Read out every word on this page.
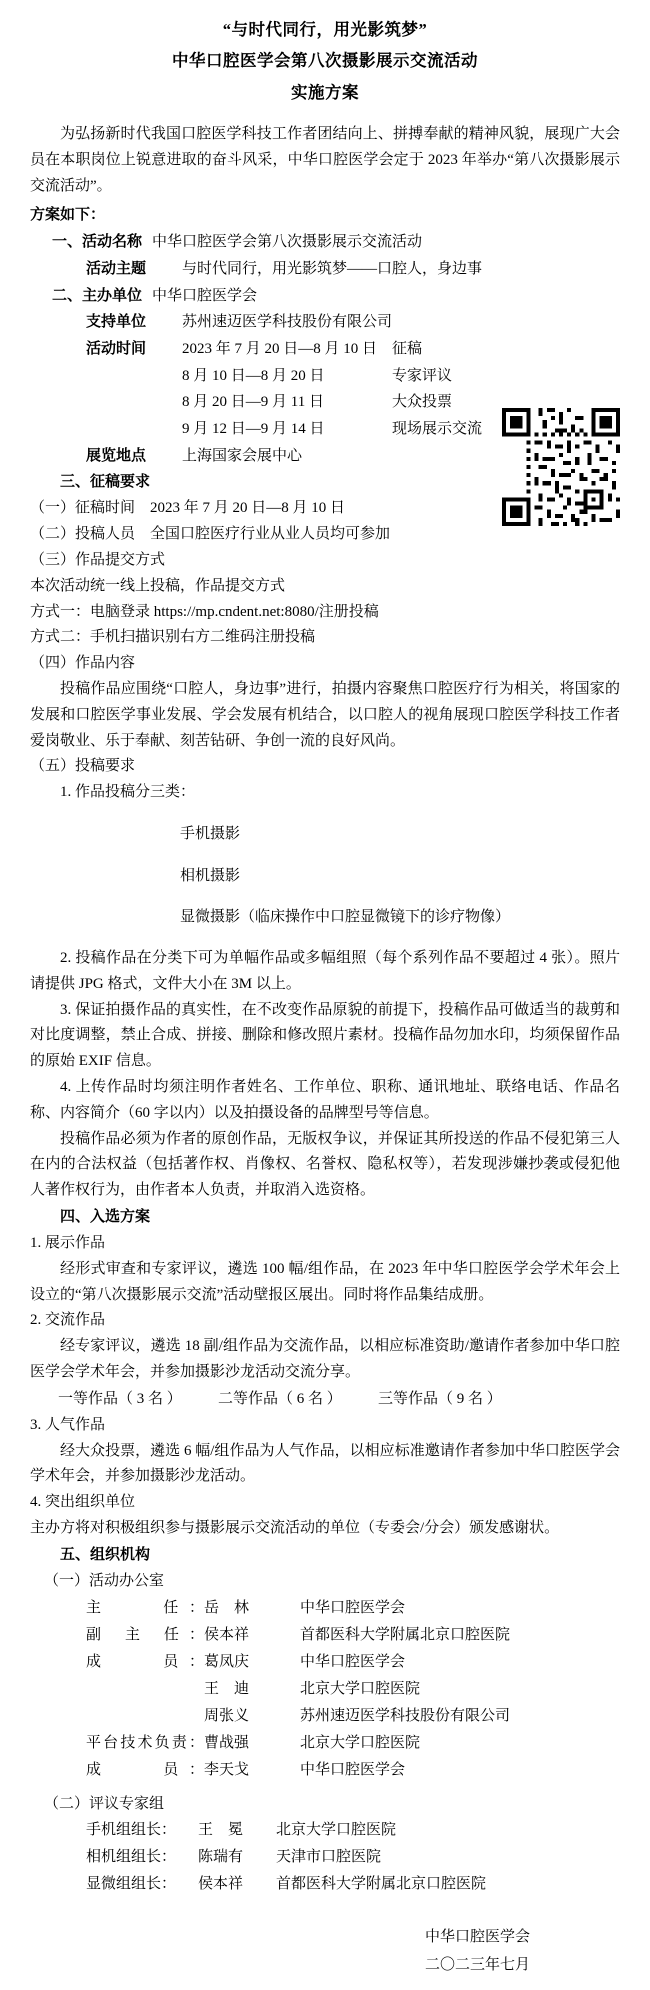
“与时代同行，用光影筑梦”
中华口腔医学会第八次摄影展示交流活动
实施方案

为弘扬新时代我国口腔医学科技工作者团结向上、拼搏奉献的精神风貌，展现广大会员在本职岗位上锐意进取的奋斗风采，中华口腔医学会定于 2023 年举办“第八次摄影展示交流活动”。

方案如下：

一、活动名称 中华口腔医学会第八次摄影展示交流活动
活动主题	与时代同行，用光影筑梦——口腔人，身边事
二、主办单位 中华口腔医学会
支持单位	苏州速迈医学科技股份有限公司
活动时间	2023 年 7 月 20 日—8 月 10 日 征稿
8 月 10 日—8 月 20 日	专家评议
8 月 20 日—9 月 11 日	大众投票
9 月 12 日—9 月 14 日	现场展示交流
展览地点	上海国家会展中心

三、征稿要求

（一）征稿时间　2023 年 7 月 20 日—8 月 10 日

（二）投稿人员　全国口腔医疗行业从业人员均可参加

（三）作品提交方式

本次活动统一线上投稿，作品提交方式

方式一：电脑登录 https://mp.cndent.net:8080/注册投稿

方式二：手机扫描识别右方二维码注册投稿

（四）作品内容

投稿作品应围绕“口腔人，身边事”进行，拍摄内容聚焦口腔医疗行为相关，将国家的发展和口腔医学事业发展、学会发展有机结合，以口腔人的视角展现口腔医学科技工作者爱岗敬业、乐于奉献、刻苦钻研、争创一流的良好风尚。

（五）投稿要求

1. 作品投稿分三类：

手机摄影

相机摄影

显微摄影（临床操作中口腔显微镜下的诊疗物像）

2. 投稿作品在分类下可为单幅作品或多幅组照（每个系列作品不要超过 4 张）。照片请提供 JPG 格式，文件大小在 3M 以上。

3. 保证拍摄作品的真实性，在不改变作品原貌的前提下，投稿作品可做适当的裁剪和对比度调整，禁止合成、拼接、删除和修改照片素材。投稿作品勿加水印，均须保留作品的原始 EXIF 信息。

4. 上传作品时均须注明作者姓名、工作单位、职称、通讯地址、联络电话、作品名称、内容简介（60 字以内）以及拍摄设备的品牌型号等信息。

投稿作品必须为作者的原创作品，无版权争议，并保证其所投送的作品不侵犯第三人在内的合法权益（包括著作权、肖像权、名誉权、隐私权等），若发现涉嫌抄袭或侵犯他人著作权行为，由作者本人负责，并取消入选资格。

四、入选方案

1. 展示作品

经形式审查和专家评议，遴选 100 幅/组作品，在 2023 年中华口腔医学会学术年会上设立的“第八次摄影展示交流”活动壁报区展出。同时将作品集结成册。

2. 交流作品

经专家评议，遴选 18 副/组作品为交流作品，以相应标准资助/邀请作者参加中华口腔医学会学术年会，并参加摄影沙龙活动交流分享。

一等作品（ 3 名 ）	二等作品（ 6 名 ）	三等作品（ 9 名 ）

3. 人气作品

经大众投票，遴选 6 幅/组作品为人气作品，以相应标准邀请作者参加中华口腔医学会学术年会，并参加摄影沙龙活动。

4. 突出组织单位

主办方将对积极组织参与摄影展示交流活动的单位（专委会/分会）颁发感谢状。

五、组织机构

（一）活动办公室

主　　任： 岳　林	中华口腔医学会
副 主 任： 侯本祥	首都医科大学附属北京口腔医院
成　　员： 葛凤庆	中华口腔医学会
王　迪	北京大学口腔医院
周张义	苏州速迈医学科技股份有限公司
平台技术负责： 曹战强	北京大学口腔医院
成　　员： 李天戈	中华口腔医学会

（二）评议专家组

手机组组长：	王　冕	北京大学口腔医院
相机组组长：	陈瑞有	天津市口腔医院
显微组组长：	侯本祥	首都医科大学附属北京口腔医院
中华口腔医学会
二〇二三年七月
